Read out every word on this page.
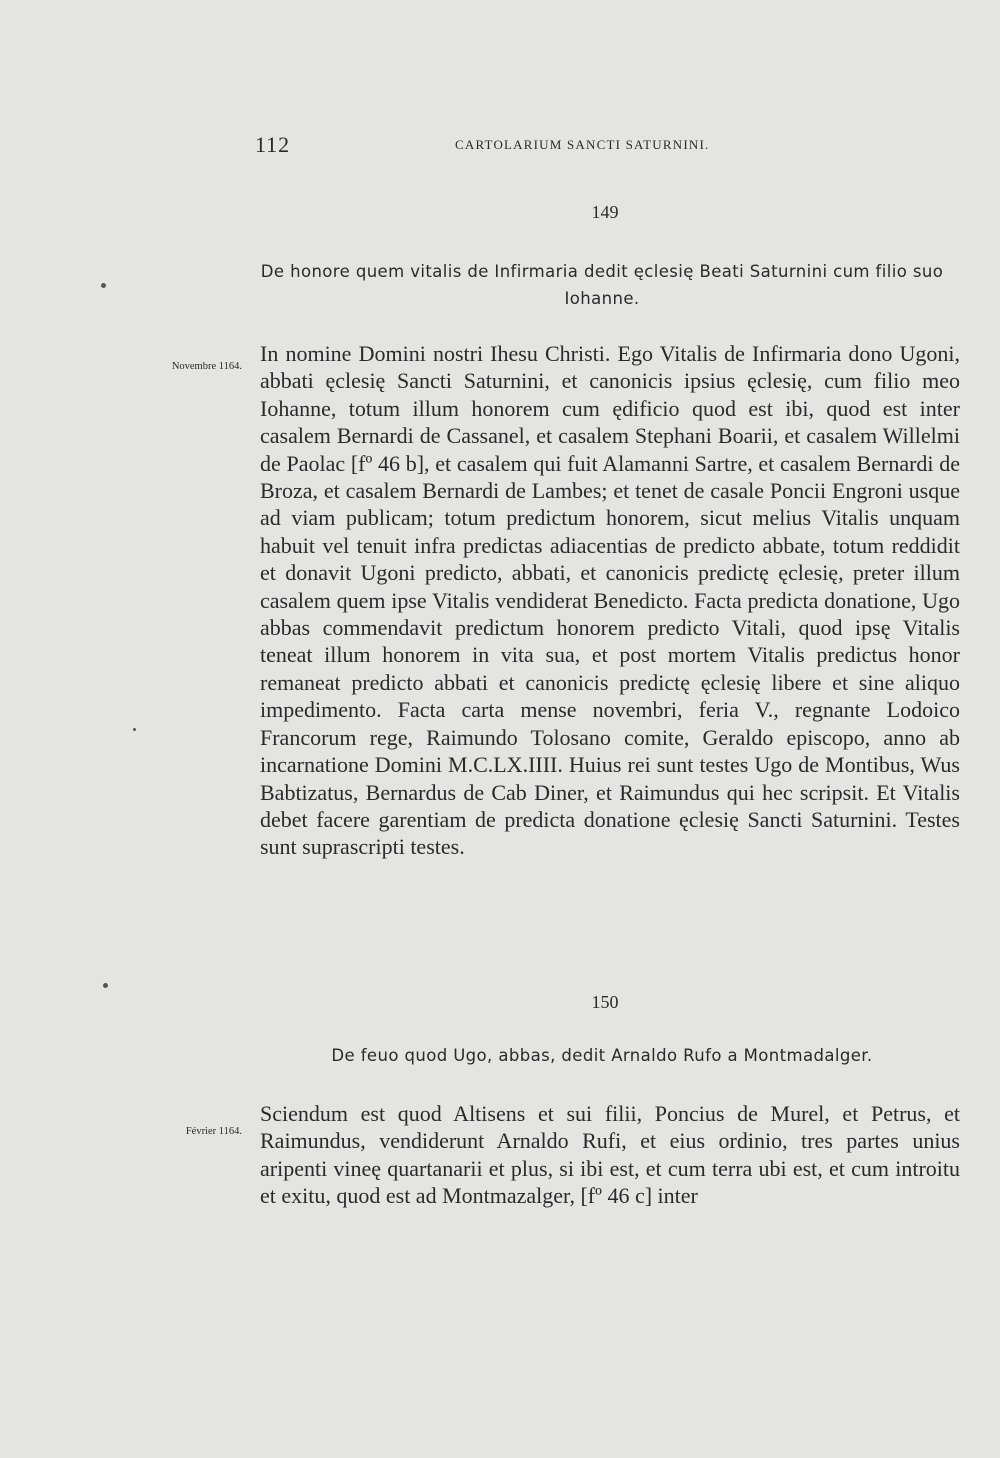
112	CARTOLARIUM SANCTI SATURNINI.
149
De honore quem vitalis de Infirmaria dedit ęclesię Beati Saturnini cum filio suo Iohanne.
Novembre 1164.

In nomine Domini nostri Ihesu Christi. Ego Vitalis de Infirmaria dono Ugoni, abbati ęclesię Sancti Saturnini, et canonicis ipsius ęclesię, cum filio meo Iohanne, totum illum honorem cum ędificio quod est ibi, quod est inter casalem Bernardi de Cassanel, et casalem Stephani Boarii, et casalem Willelmi de Paolac [fº 46 b], et casalem qui fuit Alamanni Sartre, et casalem Bernardi de Broza, et casalem Bernardi de Lambes; et tenet de casale Poncii Engroni usque ad viam publicam; totum predictum honorem, sicut melius Vitalis unquam habuit vel tenuit infra predictas adiacentias de predicto abbate, totum reddidit et donavit Ugoni predicto, abbati, et canonicis predictę ęclesię, preter illum casalem quem ipse Vitalis vendiderat Benedicto. Facta predicta donatione, Ugo abbas commendavit predictum honorem predicto Vitali, quod ipsę Vitalis teneat illum honorem in vita sua, et post mortem Vitalis predictus honor remaneat predicto abbati et canonicis predictę ęclesię libere et sine aliquo impedimento. Facta carta mense novembri, feria V., regnante Lodoico Francorum rege, Raimundo Tolosano comite, Geraldo episcopo, anno ab incarnatione Domini M.C.LX.IIII. Huius rei sunt testes Ugo de Montibus, Wus Babtizatus, Bernardus de Cab Diner, et Raimundus qui hec scripsit. Et Vitalis debet facere garentiam de predicta donatione ęclesię Sancti Saturnini. Testes sunt suprascripti testes.

150
De feuo quod Ugo, abbas, dedit Arnaldo Rufo a Montmadalger.
Février 1164.

Sciendum est quod Altisens et sui filii, Poncius de Murel, et Petrus, et Raimundus, vendiderunt Arnaldo Rufi, et eius ordinio, tres partes unius aripenti vineę quartanarii et plus, si ibi est, et cum terra ubi est, et cum introitu et exitu, quod est ad Montmazalger, [fº 46 c] inter
